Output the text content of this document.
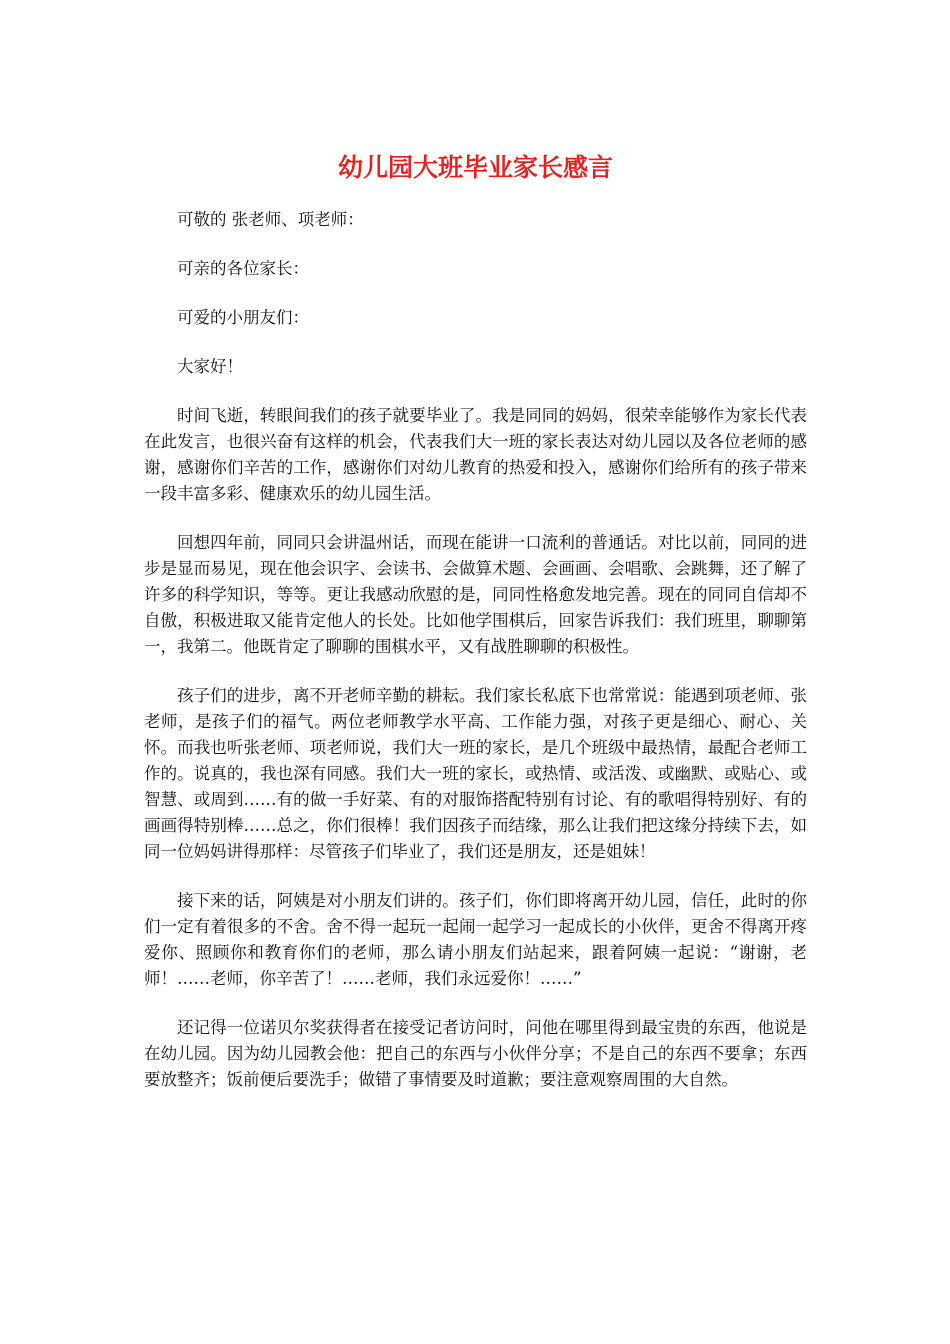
幼儿园大班毕业家长感言

可敬的 张老师、项老师：

可亲的各位家长：

可爱的小朋友们：

大家好！

时间飞逝，转眼间我们的孩子就要毕业了。我是同同的妈妈，很荣幸能够作为家长代表在此发言，也很兴奋有这样的机会，代表我们大一班的家长表达对幼儿园以及各位老师的感谢，感谢你们辛苦的工作，感谢你们对幼儿教育的热爱和投入，感谢你们给所有的孩子带来一段丰富多彩、健康欢乐的幼儿园生活。

回想四年前，同同只会讲温州话，而现在能讲一口流利的普通话。对比以前，同同的进步是显而易见，现在他会识字、会读书、会做算术题、会画画、会唱歌、会跳舞，还了解了许多的科学知识，等等。更让我感动欣慰的是，同同性格愈发地完善。现在的同同自信却不自傲，积极进取又能肯定他人的长处。比如他学围棋后，回家告诉我们：我们班里，聊聊第一，我第二。他既肯定了聊聊的围棋水平，又有战胜聊聊的积极性。

孩子们的进步，离不开老师辛勤的耕耘。我们家长私底下也常常说：能遇到项老师、张老师，是孩子们的福气。两位老师教学水平高、工作能力强，对孩子更是细心、耐心、关怀。而我也听张老师、项老师说，我们大一班的家长，是几个班级中最热情，最配合老师工作的。说真的，我也深有同感。我们大一班的家长，或热情、或活泼、或幽默、或贴心、或智慧、或周到……有的做一手好菜、有的对服饰搭配特别有讨论、有的歌唱得特别好、有的画画得特别棒……总之，你们很棒！我们因孩子而结缘，那么让我们把这缘分持续下去，如同一位妈妈讲得那样：尽管孩子们毕业了，我们还是朋友，还是姐妹！

接下来的话，阿姨是对小朋友们讲的。孩子们，你们即将离开幼儿园，信任，此时的你们一定有着很多的不舍。舍不得一起玩一起闹一起学习一起成长的小伙伴，更舍不得离开疼爱你、照顾你和教育你们的老师，那么请小朋友们站起来，跟着阿姨一起说：“谢谢，老师！……老师，你辛苦了！……老师，我们永远爱你！……”

还记得一位诺贝尔奖获得者在接受记者访问时，问他在哪里得到最宝贵的东西，他说是在幼儿园。因为幼儿园教会他：把自己的东西与小伙伴分享；不是自己的东西不要拿；东西要放整齐；饭前便后要洗手；做错了事情要及时道歉；要注意观察周围的大自然。
